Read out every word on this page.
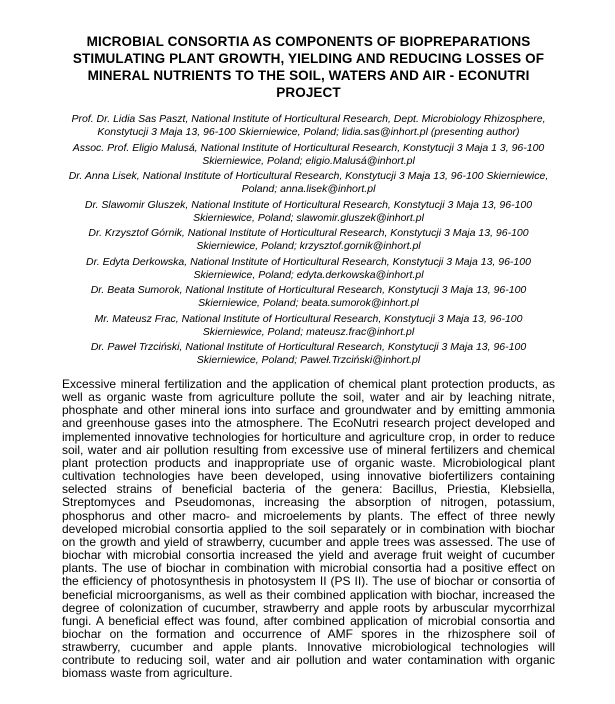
MICROBIAL CONSORTIA AS COMPONENTS OF BIOPREPARATIONS STIMULATING PLANT GROWTH, YIELDING AND REDUCING LOSSES OF MINERAL NUTRIENTS TO THE SOIL, WATERS AND AIR - ECONUTRI PROJECT

Prof. Dr. Lidia Sas Paszt, National Institute of Horticultural Research, Dept. Microbiology Rhizosphere, Konstytucji 3 Maja 13, 96-100 Skierniewice, Poland; lidia.sas@inhort.pl (presenting author)

Assoc. Prof. Eligio Malusá, National Institute of Horticultural Research, Konstytucji 3 Maja 1 3, 96-100 Skierniewice, Poland; eligio.Malusá@inhort.pl

Dr. Anna Lisek, National Institute of Horticultural Research, Konstytucji 3 Maja 13, 96-100 Skierniewice, Poland; anna.lisek@inhort.pl

Dr. Slawomir Gluszek, National Institute of Horticultural Research, Konstytucji 3 Maja 13, 96-100 Skierniewice, Poland; slawomir.gluszek@inhort.pl

Dr. Krzysztof Górnik, National Institute of Horticultural Research, Konstytucji 3 Maja 13, 96-100 Skierniewice, Poland; krzysztof.gornik@inhort.pl

Dr. Edyta Derkowska, National Institute of Horticultural Research, Konstytucji 3 Maja 13, 96-100 Skierniewice, Poland; edyta.derkowska@inhort.pl

Dr. Beata Sumorok, National Institute of Horticultural Research, Konstytucji 3 Maja 13, 96-100 Skierniewice, Poland; beata.sumorok@inhort.pl

Mr. Mateusz Frac, National Institute of Horticultural Research, Konstytucji 3 Maja 13, 96-100 Skierniewice, Poland; mateusz.frac@inhort.pl

Dr. Paweł Trzciński, National Institute of Horticultural Research, Konstytucji 3 Maja 13, 96-100 Skierniewice, Poland; Paweł.Trzciński@inhort.pl

Excessive mineral fertilization and the application of chemical plant protection products, as well as organic waste from agriculture pollute the soil, water and air by leaching nitrate, phosphate and other mineral ions into surface and groundwater and by emitting ammonia and greenhouse gases into the atmosphere. The EcoNutri research project developed and implemented innovative technologies for horticulture and agriculture crop, in order to reduce soil, water and air pollution resulting from excessive use of mineral fertilizers and chemical plant protection products and inappropriate use of organic waste. Microbiological plant cultivation technologies have been developed, using innovative biofertilizers containing selected strains of beneficial bacteria of the genera: Bacillus, Priestia, Klebsiella, Streptomyces and Pseudomonas, increasing the absorption of nitrogen, potassium, phosphorus and other macro- and microelements by plants. The effect of three newly developed microbial consortia applied to the soil separately or in combination with biochar on the growth and yield of strawberry, cucumber and apple trees was assessed. The use of biochar with microbial consortia increased the yield and average fruit weight of cucumber plants. The use of biochar in combination with microbial consortia had a positive effect on the efficiency of photosynthesis in photosystem II (PS II). The use of biochar or consortia of beneficial microorganisms, as well as their combined application with biochar, increased the degree of colonization of cucumber, strawberry and apple roots by arbuscular mycorrhizal fungi. A beneficial effect was found, after combined application of microbial consortia and biochar on the formation and occurrence of AMF spores in the rhizosphere soil of strawberry, cucumber and apple plants. Innovative microbiological technologies will contribute to reducing soil, water and air pollution and water contamination with organic biomass waste from agriculture.
